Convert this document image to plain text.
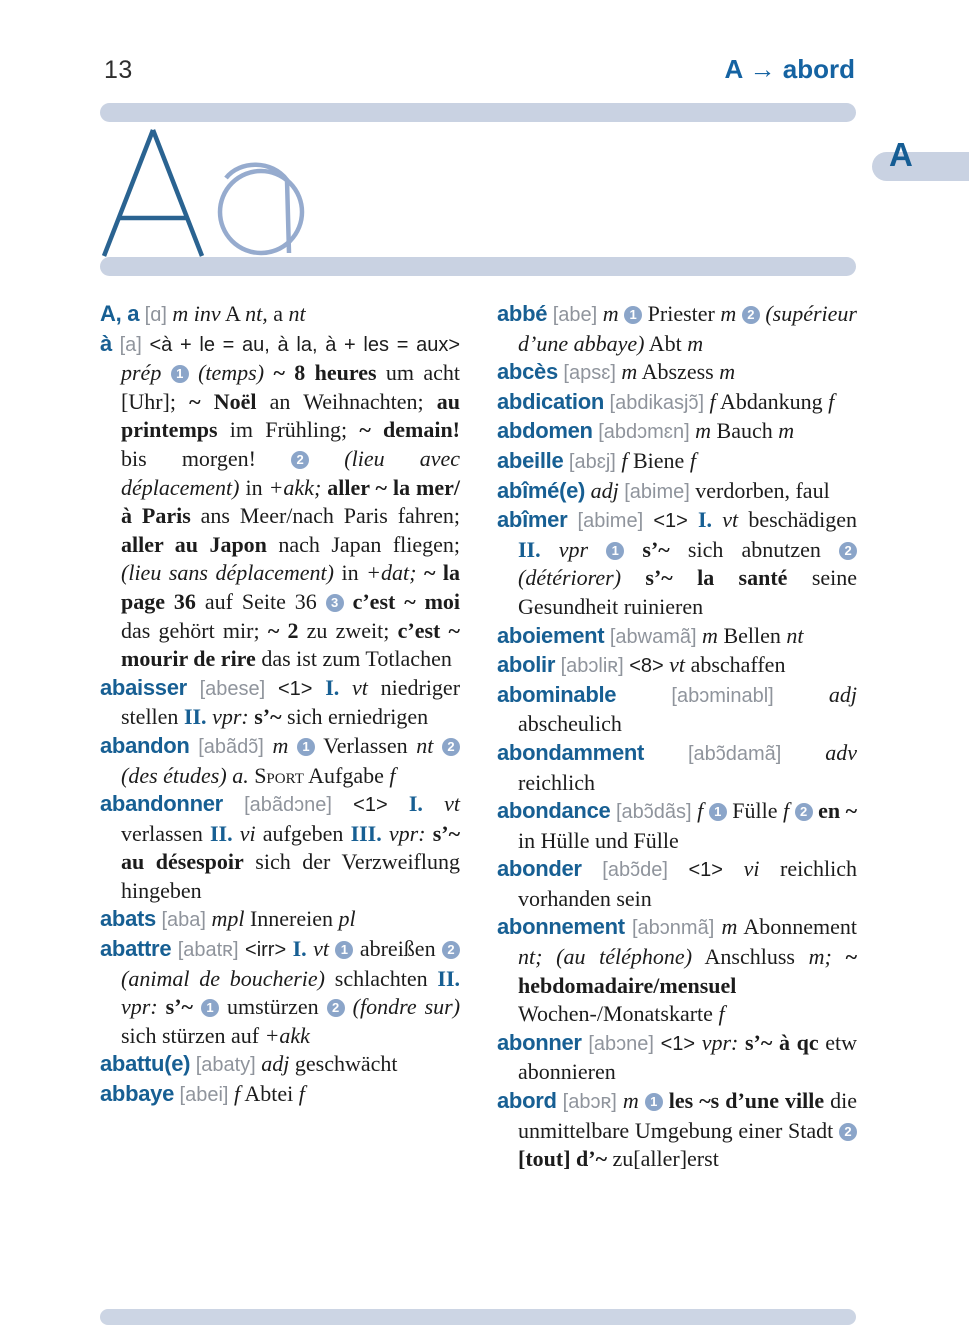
13	A → abord
A
A, a [ɑ] m inv A nt, a nt
à [a] <à + le = au, à la, à + les = aux> prép 1 (temps) ~ 8 heures um acht [Uhr]; ~ Noël an Weihnachten; au printemps im Frühling; ~ demain! bis morgen!	2 (lieu avec déplacement) in +akk; aller ~ la mer/à Paris ans Meer/nach Paris fahren; aller au Japon nach Japan fliegen; (lieu sans déplacement) in +dat; ~ la page 36 auf Seite 36 3 c’est ~ moi das gehört mir; ~ 2 zu zweit; c’est ~ mourir de rire das ist zum Totlachen
abaisser [abese] <1> I. vt niedriger stellen II. vpr: s’~ sich erniedrigen
abandon [abãdɔ̃] m 1 Verlassen nt 2 (des études) a. Sport Aufgabe f
abandonner [abãdɔne] <1> I. vt verlassen II. vi aufgeben III. vpr: s’~ au désespoir sich der Verzweiflung hingeben
abats [aba] mpl Innereien pl
abattre [abatʀ] <irr> I. vt 1 abreißen 2 (animal de boucherie) schlachten II. vpr: s’~ 1 umstürzen 2 (fondre sur) sich stürzen auf +akk
abattu(e) [abaty] adj geschwächt
abbaye [abei] f Abtei f
abbé [abe] m 1 Priester m 2 (supérieur d’une abbaye) Abt m
abcès [apsɛ] m Abszess m
abdication [abdikasjɔ̃] f Abdankung f
abdomen [abdɔmɛn] m Bauch m
abeille [abɛj] f Biene f
abîmé(e) adj [abime] verdorben, faul
abîmer [abime] <1> I. vt beschädigen II. vpr 1 s’~ sich abnutzen 2 (détériorer) s’~ la santé seine Gesundheit ruinieren
aboiement [abwamã] m Bellen nt
abolir [abɔliʀ] <8> vt abschaffen
abominable	[abɔminabl]	adj abscheulich
abondamment [abɔ̃damã] adv reichlich
abondance [abɔ̃dãs] f 1 Fülle f 2 en ~ in Hülle und Fülle
abonder [abɔ̃de] <1> vi reichlich vorhanden sein
abonnement [abɔnmã] m Abonnement nt; (au téléphone) Anschluss m; ~ hebdomadaire/mensuel Wochen-/Monatskarte f
abonner [abɔne] <1> vpr: s’~ à qc etw abonnieren
abord [abɔʀ] m 1 les ~s d’une ville die unmittelbare Umgebung einer Stadt 2 [tout] d’~ zu[aller]erst
